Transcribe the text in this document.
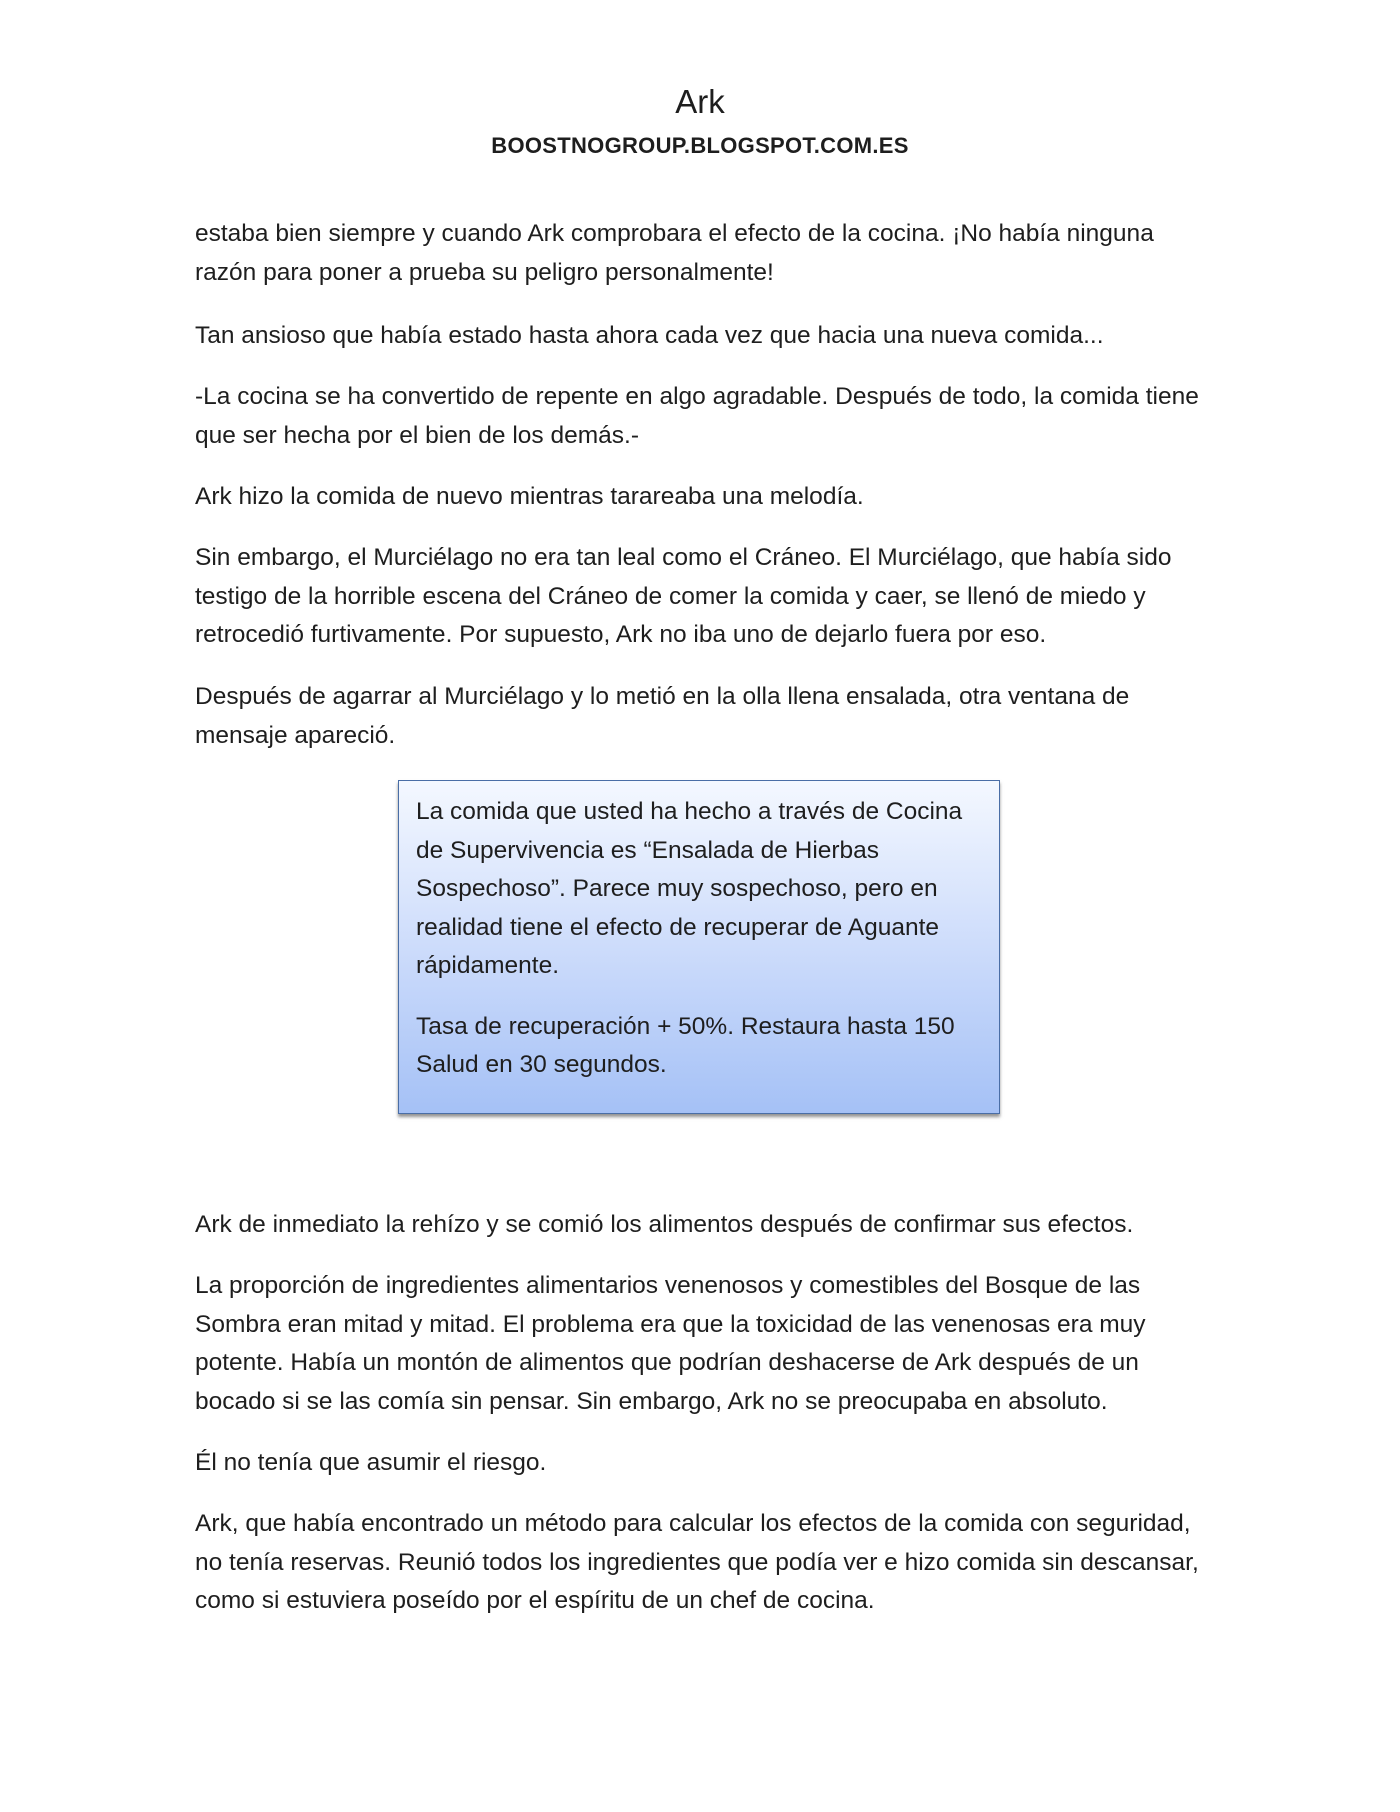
Ark

BOOSTNOGROUP.BLOGSPOT.COM.ES

estaba bien siempre y cuando Ark comprobara el efecto de la cocina. ¡No había ninguna razón para poner a prueba su peligro personalmente!

Tan ansioso que había estado hasta ahora cada vez que hacia una nueva comida...

-La cocina se ha convertido de repente en algo agradable. Después de todo, la comida tiene que ser hecha por el bien de los demás.-

Ark hizo la comida de nuevo mientras tarareaba una melodía.

Sin embargo, el Murciélago no era tan leal como el Cráneo. El Murciélago, que había sido testigo de la horrible escena del Cráneo de comer la comida y caer, se llenó de miedo y retrocedió furtivamente. Por supuesto, Ark no iba uno de dejarlo fuera por eso.

Después de agarrar al Murciélago y lo metió en la olla llena ensalada, otra ventana de mensaje apareció.

La comida que usted ha hecho a través de Cocina de Supervivencia es “Ensalada de Hierbas Sospechoso”. Parece muy sospechoso, pero en realidad tiene el efecto de recuperar de Aguante rápidamente.

Tasa de recuperación + 50%. Restaura hasta 150 Salud en 30 segundos.

Ark de inmediato la rehízo y se comió los alimentos después de confirmar sus efectos.

La proporción de ingredientes alimentarios venenosos y comestibles del Bosque de las Sombra eran mitad y mitad. El problema era que la toxicidad de las venenosas era muy potente. Había un montón de alimentos que podrían deshacerse de Ark después de un bocado si se las comía sin pensar. Sin embargo, Ark no se preocupaba en absoluto.

Él no tenía que asumir el riesgo.

Ark, que había encontrado un método para calcular los efectos de la comida con seguridad, no tenía reservas. Reunió todos los ingredientes que podía ver e hizo comida sin descansar, como si estuviera poseído por el espíritu de un chef de cocina.
